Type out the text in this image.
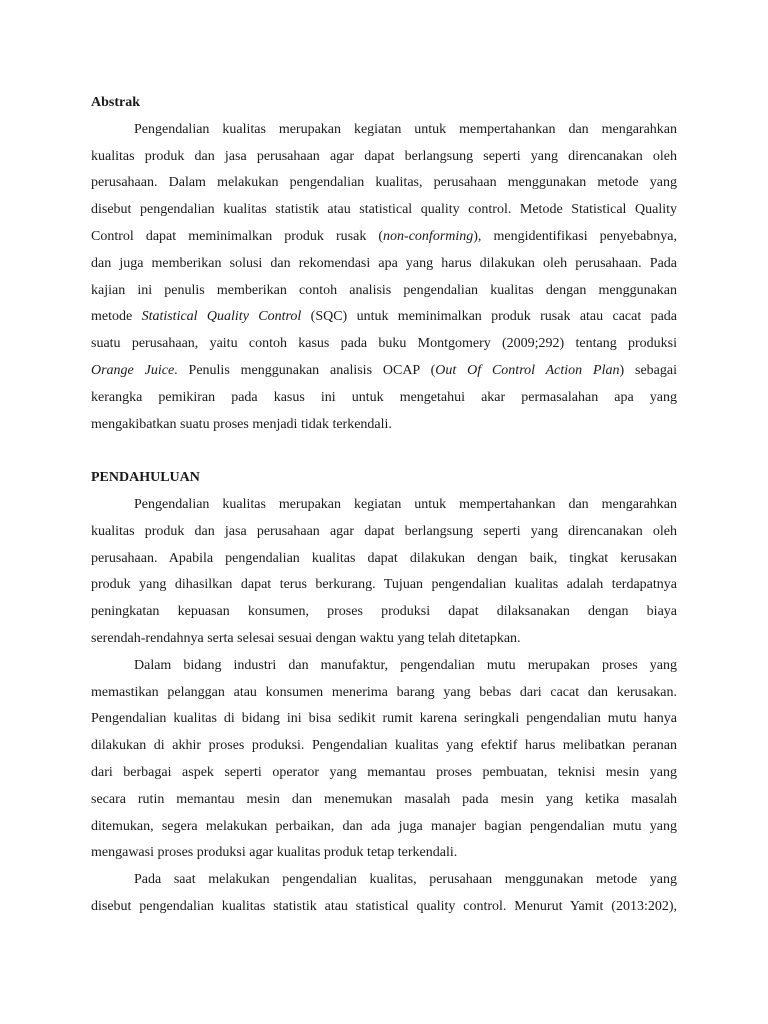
Abstrak
Pengendalian kualitas merupakan kegiatan untuk mempertahankan dan mengarahkan
kualitas produk dan jasa perusahaan agar dapat berlangsung seperti yang direncanakan oleh
perusahaan. Dalam melakukan pengendalian kualitas, perusahaan menggunakan metode yang
disebut pengendalian kualitas statistik atau statistical quality control. Metode Statistical Quality
Control dapat meminimalkan produk rusak (non-conforming), mengidentifikasi penyebabnya,
dan juga memberikan solusi dan rekomendasi apa yang harus dilakukan oleh perusahaan. Pada
kajian ini penulis memberikan contoh analisis pengendalian kualitas dengan menggunakan
metode Statistical Quality Control (SQC) untuk meminimalkan produk rusak atau cacat pada
suatu perusahaan, yaitu contoh kasus pada buku Montgomery (2009;292) tentang produksi
Orange Juice. Penulis menggunakan analisis OCAP (Out Of Control Action Plan) sebagai
kerangka pemikiran pada kasus ini untuk mengetahui akar permasalahan apa yang
mengakibatkan suatu proses menjadi tidak terkendali.
PENDAHULUAN
Pengendalian kualitas merupakan kegiatan untuk mempertahankan dan mengarahkan
kualitas produk dan jasa perusahaan agar dapat berlangsung seperti yang direncanakan oleh
perusahaan. Apabila pengendalian kualitas dapat dilakukan dengan baik, tingkat kerusakan
produk yang dihasilkan dapat terus berkurang. Tujuan pengendalian kualitas adalah terdapatnya
peningkatan kepuasan konsumen, proses produksi dapat dilaksanakan dengan biaya
serendah-rendahnya serta selesai sesuai dengan waktu yang telah ditetapkan.
Dalam bidang industri dan manufaktur, pengendalian mutu merupakan proses yang
memastikan pelanggan atau konsumen menerima barang yang bebas dari cacat dan kerusakan.
Pengendalian kualitas di bidang ini bisa sedikit rumit karena seringkali pengendalian mutu hanya
dilakukan di akhir proses produksi. Pengendalian kualitas yang efektif harus melibatkan peranan
dari berbagai aspek seperti operator yang memantau proses pembuatan, teknisi mesin yang
secara rutin memantau mesin dan menemukan masalah pada mesin yang ketika masalah
ditemukan, segera melakukan perbaikan, dan ada juga manajer bagian pengendalian mutu yang
mengawasi proses produksi agar kualitas produk tetap terkendali.
Pada saat melakukan pengendalian kualitas, perusahaan menggunakan metode yang
disebut pengendalian kualitas statistik atau statistical quality control. Menurut Yamit (2013:202),
